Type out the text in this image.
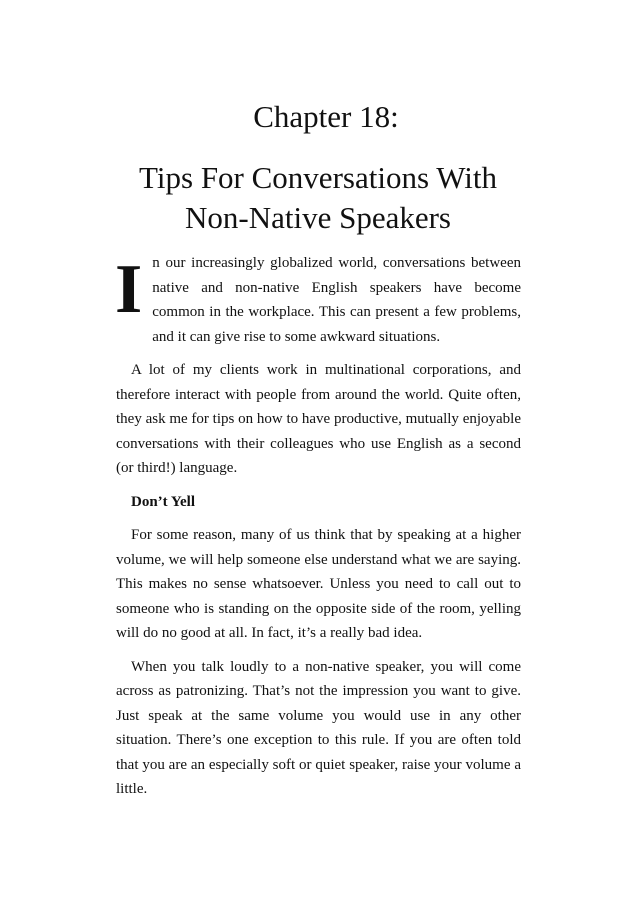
Chapter 18:
Tips For Conversations With
Non-Native Speakers

In our increasingly globalized world, conversations between native and non-native English speakers have become common in the workplace. This can present a few problems, and it can give rise to some awkward situations.

A lot of my clients work in multinational corporations, and therefore interact with people from around the world. Quite often, they ask me for tips on how to have productive, mutually enjoyable conversations with their colleagues who use English as a second (or third!) language.

Don’t Yell

For some reason, many of us think that by speaking at a higher volume, we will help someone else understand what we are saying. This makes no sense whatsoever. Unless you need to call out to someone who is standing on the opposite side of the room, yelling will do no good at all. In fact, it’s a really bad idea.

When you talk loudly to a non-native speaker, you will come across as patronizing. That’s not the impression you want to give. Just speak at the same volume you would use in any other situation. There’s one exception to this rule. If you are often told that you are an especially soft or quiet speaker, raise your volume a little.
